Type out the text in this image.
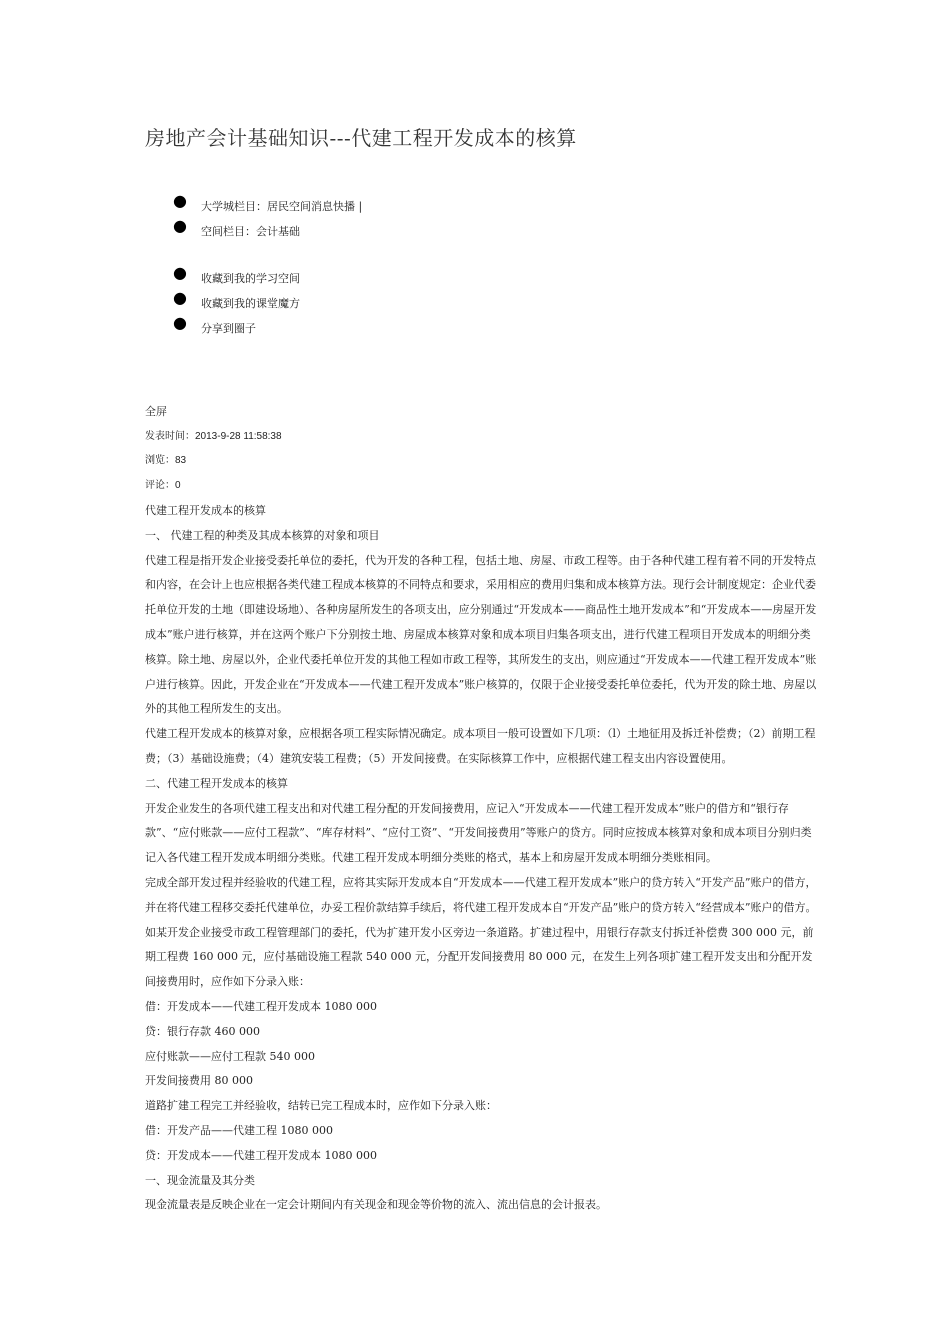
房地产会计基础知识---代建工程开发成本的核算
● 大学城栏目：居民空间消息快播 |
● 空间栏目：会计基础
● 收藏到我的学习空间
● 收藏到我的课堂魔方
● 分享到圈子
全屏
发表时间：2013-9-28 11:58:38
浏览：83
评论：0

代建工程开发成本的核算

一、 代建工程的种类及其成本核算的对象和项目

代建工程是指开发企业接受委托单位的委托，代为开发的各种工程，包括土地、房屋、市政工程等。由于各种代建工程有着不同的开发特点和内容，在会计上也应根据各类代建工程成本核算的不同特点和要求，采用相应的费用归集和成本核算方法。现行会计制度规定：企业代委托单位开发的土地（即建设场地）、各种房屋所发生的各项支出，应分别通过“开发成本——商品性土地开发成本”和“开发成本——房屋开发成本”账户进行核算，并在这两个账户下分别按土地、房屋成本核算对象和成本项目归集各项支出，进行代建工程项目开发成本的明细分类核算。除土地、房屋以外，企业代委托单位开发的其他工程如市政工程等，其所发生的支出，则应通过“开发成本——代建工程开发成本”账户进行核算。因此，开发企业在“开发成本——代建工程开发成本”账户核算的，仅限于企业接受委托单位委托，代为开发的除土地、房屋以外的其他工程所发生的支出。

代建工程开发成本的核算对象，应根据各项工程实际情况确定。成本项目一般可设置如下几项：（l）土地征用及拆迁补偿费；（2）前期工程费；（3）基础设施费；（4）建筑安装工程费；（5）开发间接费。在实际核算工作中，应根据代建工程支出内容设置使用。

二、代建工程开发成本的核算

开发企业发生的各项代建工程支出和对代建工程分配的开发间接费用，应记入“开发成本——代建工程开发成本”账户的借方和“银行存款”、“应付账款——应付工程款”、“库存材料”、“应付工资”、“开发间接费用”等账户的贷方。同时应按成本核算对象和成本项目分别归类记入各代建工程开发成本明细分类账。代建工程开发成本明细分类账的格式，基本上和房屋开发成本明细分类账相同。

完成全部开发过程并经验收的代建工程，应将其实际开发成本自“开发成本——代建工程开发成本”账户的贷方转入“开发产品”账户的借方，并在将代建工程移交委托代建单位，办妥工程价款结算手续后，将代建工程开发成本自“开发产品”账户的贷方转入“经营成本”账户的借方。

如某开发企业接受市政工程管理部门的委托，代为扩建开发小区旁边一条道路。扩建过程中，用银行存款支付拆迁补偿费 300 000 元，前期工程费 160 000 元，应付基础设施工程款 540 000 元，分配开发间接费用 80 000 元，在发生上列各项扩建工程开发支出和分配开发间接费用时，应作如下分录入账：

借：开发成本——代建工程开发成本 1080 000

贷：银行存款 460 000

应付账款——应付工程款 540 000

开发间接费用 80 000

道路扩建工程完工并经验收，结转已完工程成本时，应作如下分录入账：

借：开发产品——代建工程 1080 000

贷：开发成本——代建工程开发成本 1080 000

一、现金流量及其分类

现金流量表是反映企业在一定会计期间内有关现金和现金等价物的流入、流出信息的会计报表。
